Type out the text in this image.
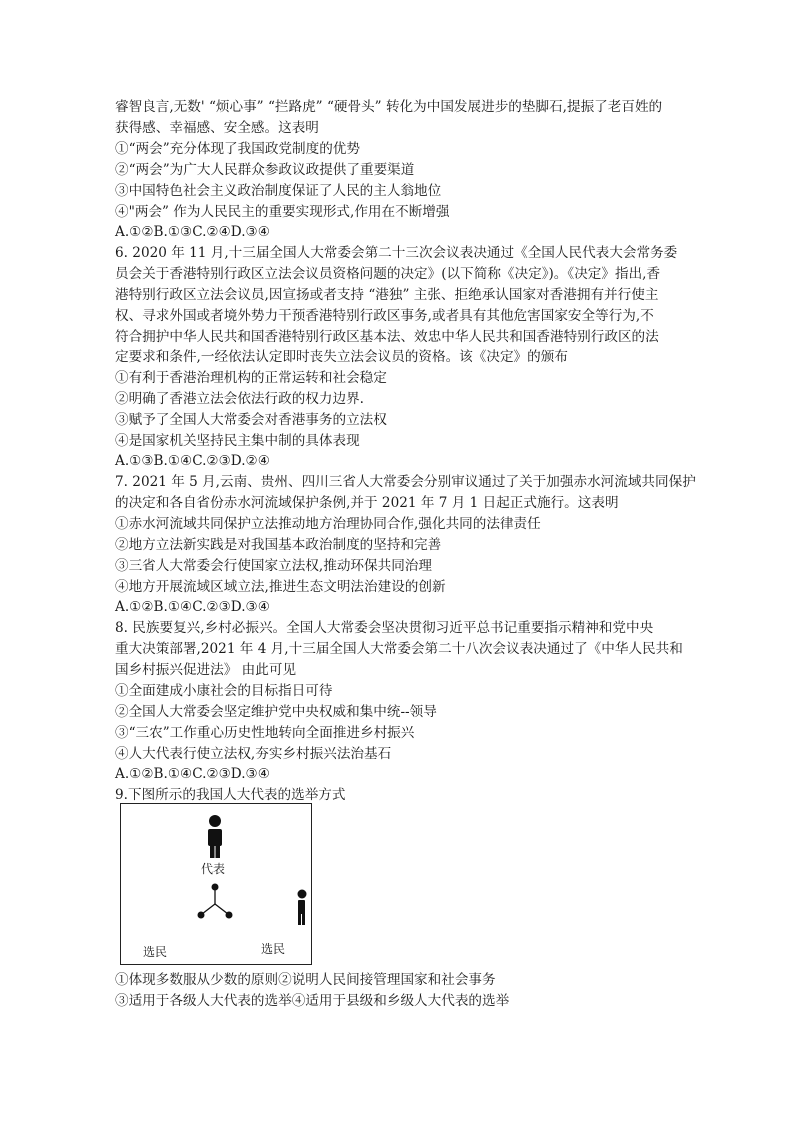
睿智良言,无数' “烦心事” “拦路虎” “硬骨头” 转化为中国发展进步的垫脚石,提振了老百姓的

获得感、幸福感、安全感。这表明

①“两会”充分体现了我国政党制度的优势

②“两会”为广大人民群众参政议政提供了重要渠道

③中国特色社会主义政治制度保证了人民的主人翁地位

④"两会” 作为人民民主的重要实现形式,作用在不断增强

A.①②B.①③C.②④D.③④

6. 2020 年 11 月,十三届全国人大常委会第二十三次会议表决通过《全国人民代表大会常务委

员会关于香港特别行政区立法会议员资格问题的决定》(以下简称《决定》)。《决定》指出,香

港特别行政区立法会议员,因宣扬或者支持 “港独” 主张、拒绝承认国家对香港拥有并行使主

权、寻求外国或者境外势力干预香港特别行政区事务,或者具有其他危害国家安全等行为,不

符合拥护中华人民共和国香港特别行政区基本法、效忠中华人民共和国香港特别行政区的法

定要求和条件,一经依法认定即时丧失立法会议员的资格。该《决定》的颁布

①有利于香港治理机构的正常运转和社会稳定

②明确了香港立法会依法行政的权力边界.

③赋予了全国人大常委会对香港事务的立法权

④是国家机关坚持民主集中制的具体表现

A.①③B.①④C.②③D.②④

7. 2021 年 5 月,云南、贵州、四川三省人大常委会分别审议通过了关于加强赤水河流域共同保护

的决定和各自省份赤水河流域保护条例,并于 2021 年 7 月 1 日起正式施行。这表明

①赤水河流域共同保护立法推动地方治理协同合作,强化共同的法律责任

②地方立法新实践是对我国基本政治制度的坚持和完善

③三省人大常委会行使国家立法权,推动环保共同治理

④地方开展流域区域立法,推进生态文明法治建设的创新

A.①②B.①④C.②③D.③④

8. 民族要复兴,乡村必振兴。全国人大常委会坚决贯彻习近平总书记重要指示精神和党中央

重大决策部署,2021 年 4 月,十三届全国人大常委会第二十八次会议表决通过了《中华人民共和

国乡村振兴促进法》 由此可见

①全面建成小康社会的目标指日可待

②全国人大常委会坚定维护党中央权威和集中统--领导

③“三农”工作重心历史性地转向全面推进乡村振兴

④人大代表行使立法权,夯实乡村振兴法治基石

A.①②B.①④C.②③D.③④

9.下图所示的我国人大代表的选举方式

代表
选民	选民

①体现多数服从少数的原则②说明人民间接管理国家和社会事务

③适用于各级人大代表的选举④适用于县级和乡级人大代表的选举
